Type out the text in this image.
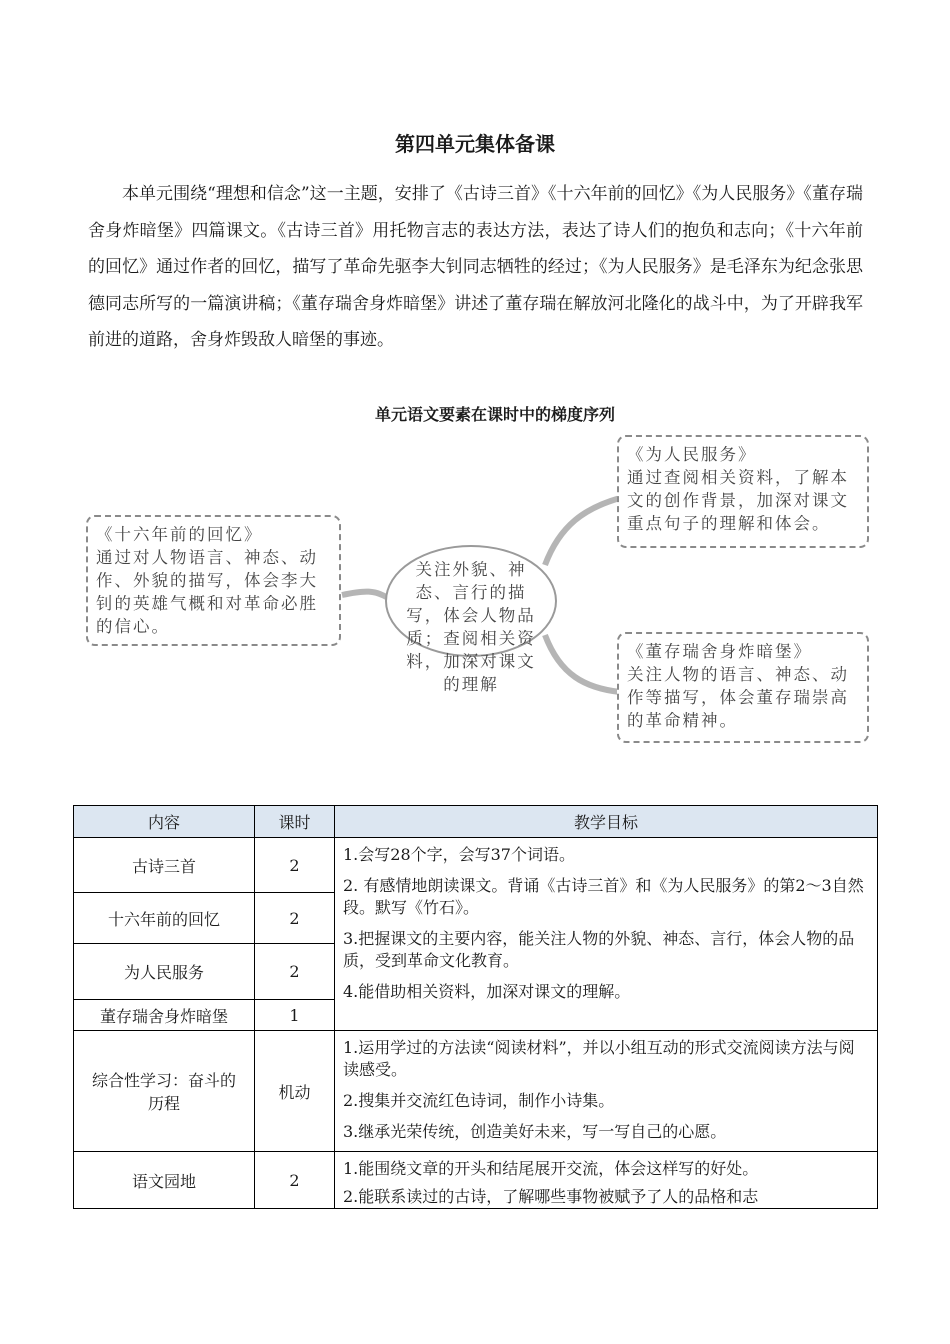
第四单元集体备课

本单元围绕“理想和信念”这一主题，安排了《古诗三首》《十六年前的回忆》《为人民服务》《董存瑞舍身炸暗堡》四篇课文。《古诗三首》用托物言志的表达方法，表达了诗人们的抱负和志向；《十六年前的回忆》通过作者的回忆，描写了革命先驱李大钊同志牺牲的经过；《为人民服务》是毛泽东为纪念张思德同志所写的一篇演讲稿；《董存瑞舍身炸暗堡》讲述了董存瑞在解放河北隆化的战斗中，为了开辟我军前进的道路，舍身炸毁敌人暗堡的事迹。

单元语文要素在课时中的梯度序列
《十六年前的回忆》
通过对人物语言、神态、动作、外貌的描写，体会李大钊的英雄气概和对革命必胜的信心。
关注外貌、神态、言行的描写，体会人物品质；查阅相关资料，加深对课文的理解
《为人民服务》
通过查阅相关资料，了解本文的创作背景，加深对课文重点句子的理解和体会。
《董存瑞舍身炸暗堡》
关注人物的语言、神态、动作等描写，体会董存瑞崇高的革命精神。
内容	课时	教学目标
古诗三首	2	1.会写28个字，会写37个词语。

2. 有感情地朗读课文。背诵《古诗三首》和《为人民服务》的第2～3自然段。默写《竹石》。

3.把握课文的主要内容，能关注人物的外貌、神态、言行，体会人物的品质，受到革命文化教育。

4.能借助相关资料，加深对课文的理解。

十六年前的回忆	2	
为人民服务	2	
董存瑞舍身炸暗堡	1	
综合性学习：奋斗的历程	机动	1.运用学过的方法读“阅读材料”，并以小组互动的形式交流阅读方法与阅读感受。

2.搜集并交流红色诗词，制作小诗集。

3.继承光荣传统，创造美好未来，写一写自己的心愿。

语文园地	2	1.能围绕文章的开头和结尾展开交流，体会这样写的好处。

2.能联系读过的古诗，了解哪些事物被赋予了人的品格和志
